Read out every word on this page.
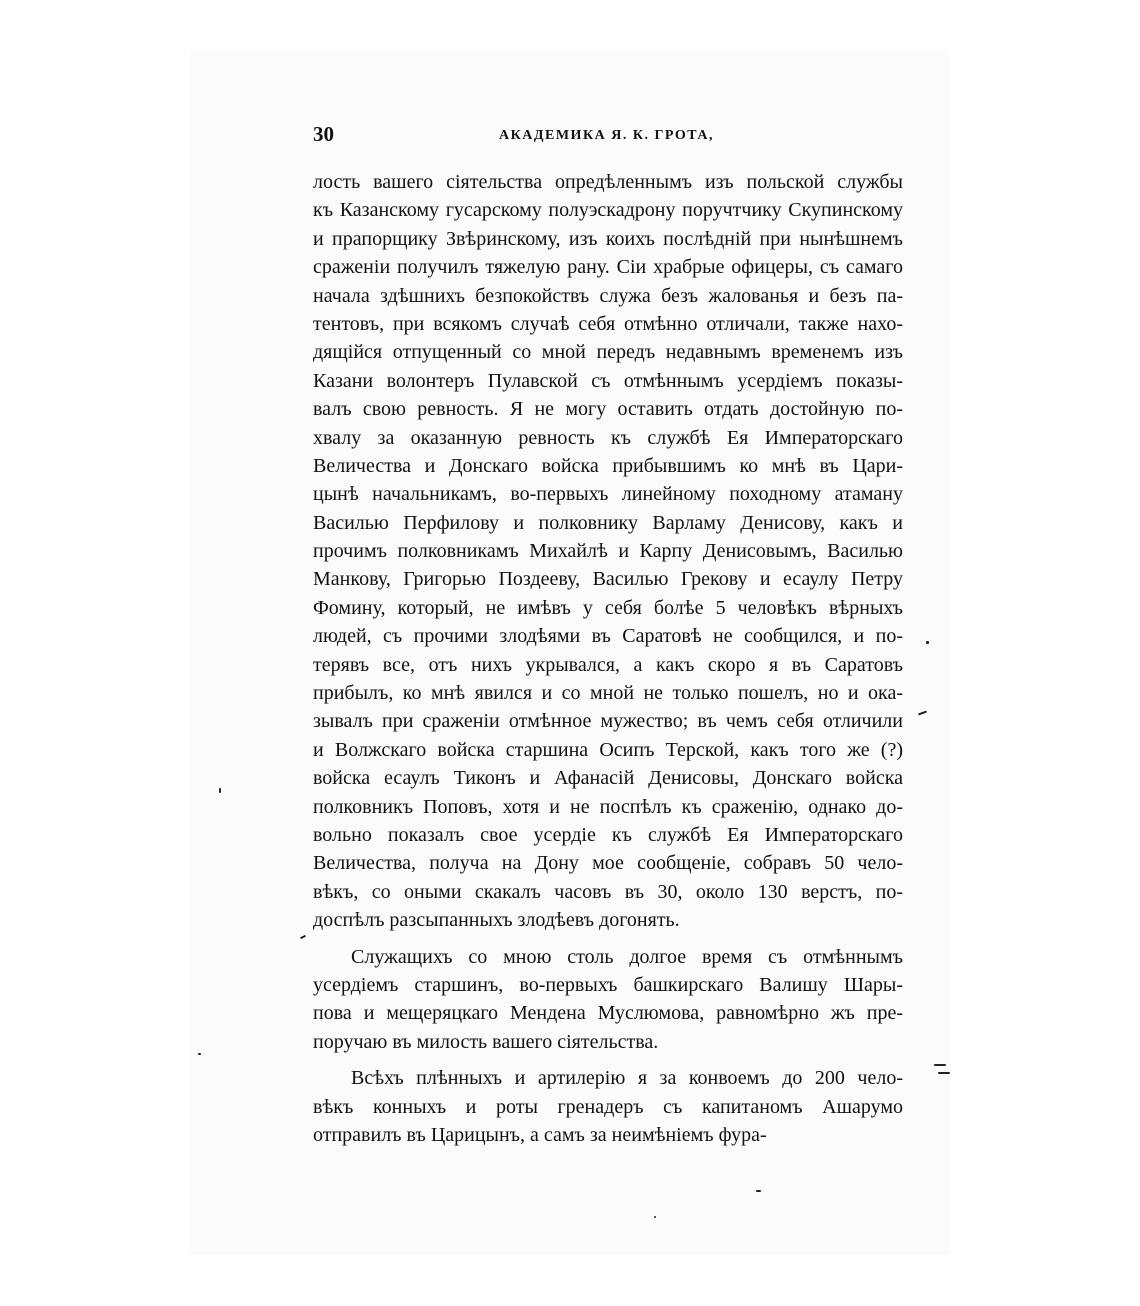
30	АКАДЕМИКА Я. К. ГРОТА,
лость вашего сіятельства опредѣленнымъ изъ польской службы
къ Казанскому гусарскому полуэскадрону поручтчику Скупинскому
и прапорщику Звѣринскому, изъ коихъ послѣднiй при нынѣшнемъ
сраженіи получилъ тяжелую рану. Сіи храбрые офицеры, съ самаго
начала здѣшнихъ безпокойствъ служа безъ жалованья и безъ па-
тентовъ, при всякомъ случаѣ себя отмѣнно отличали, также нахо-
дящійся отпущенный со мной передъ недавнымъ временемъ изъ
Казани волонтеръ Пулавской съ отмѣннымъ усердіемъ показы-
валъ свою ревность. Я не могу оставить отдать достойную по-
хвалу за оказанную ревность къ службѣ Ея Императорскаго
Величества и Донскаго войска прибывшимъ ко мнѣ въ Цари-
цынѣ начальникамъ, во-первыхъ линейному походному атаману
Василью Перфилову и полковнику Варламу Денисову, какъ и
прочимъ полковникамъ Михайлѣ и Карпу Денисовымъ, Василью
Манкову, Григорью Поздееву, Василью Грекову и есаулу Петру
Фомину, который, не имѣвъ у себя болѣе 5 человѣкъ вѣрныхъ
людей, съ прочими злодѣями въ Саратовѣ не сообщился, и по-
терявъ все, отъ нихъ укрывался, а какъ скоро я въ Саратовъ
прибылъ, ко мнѣ явился и со мной не только пошелъ, но и ока-
зывалъ при сраженіи отмѣнное мужество; въ чемъ себя отличили
и Волжскаго войска старшина Осипъ Терской, какъ того же (?)
войска есаулъ Тиконъ и Афанасій Денисовы, Донскаго войска
полковникъ Поповъ, хотя и не поспѣлъ къ сраженію, однако до-
вольно показалъ свое усердіе къ службѣ Ея Императорскаго
Величества, получа на Дону мое сообщеніе, собравъ 50 чело-
вѣкъ, со оными скакалъ часовъ въ 30, около 130 верстъ, по-
доспѣлъ разсыпанныхъ злодѣевъ догонять.
Служащихъ со мною столь долгое время съ отмѣннымъ
усердіемъ старшинъ, во-первыхъ башкирскаго Валишу Шары-
пова и мещеряцкаго Мендена Муслюмова, равномѣрно жъ пре-
поручаю въ милость вашего сіятельства.
Всѣхъ плѣнныхъ и артилерію я за конвоемъ до 200 чело-
вѣкъ конныхъ и роты гренадеръ съ капитаномъ Ашарумо
отправилъ въ Царицынъ, а самъ за неимѣніемъ фура-
